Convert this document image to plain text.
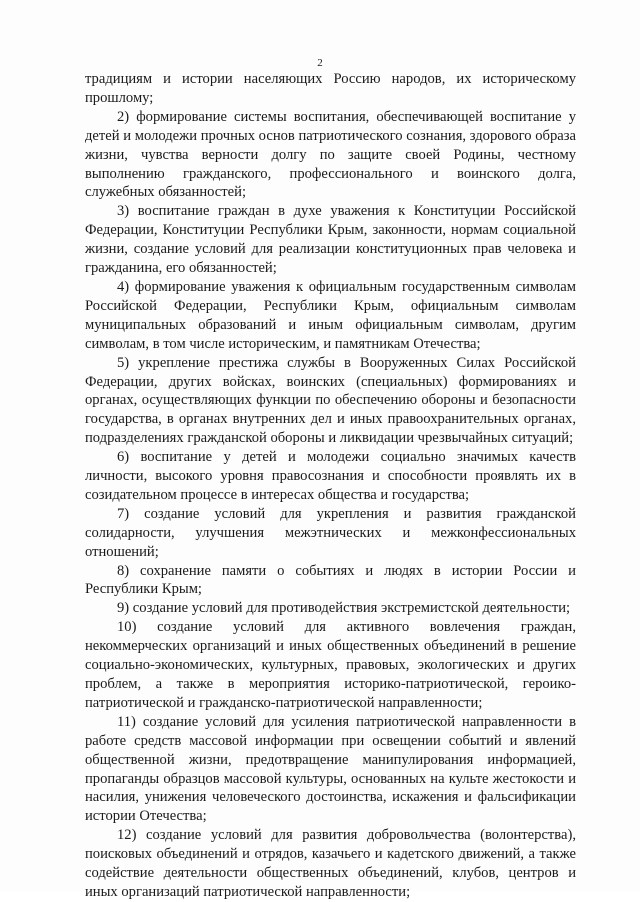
2

традициям и истории населяющих Россию народов, их историческому прошлому;

2) формирование системы воспитания, обеспечивающей воспитание у детей и молодежи прочных основ патриотического сознания, здорового образа жизни, чувства верности долгу по защите своей Родины, честному выполнению гражданского, профессионального и воинского долга, служебных обязанностей;

3) воспитание граждан в духе уважения к Конституции Российской Федерации, Конституции Республики Крым, законности, нормам социальной жизни, создание условий для реализации конституционных прав человека и гражданина, его обязанностей;

4) формирование уважения к официальным государственным символам Российской Федерации, Республики Крым, официальным символам муниципальных образований и иным официальным символам, другим символам, в том числе историческим, и памятникам Отечества;

5) укрепление престижа службы в Вооруженных Силах Российской Федерации, других войсках, воинских (специальных) формированиях и органах, осуществляющих функции по обеспечению обороны и безопасности государства, в органах внутренних дел и иных правоохранительных органах, подразделениях гражданской обороны и ликвидации чрезвычайных ситуаций;

6) воспитание у детей и молодежи социально значимых качеств личности, высокого уровня правосознания и способности проявлять их в созидательном процессе в интересах общества и государства;

7) создание условий для укрепления и развития гражданской солидарности, улучшения межэтнических и межконфессиональных отношений;

8) сохранение памяти о событиях и людях в истории России и Республики Крым;

9) создание условий для противодействия экстремистской деятельности;

10) создание условий для активного вовлечения граждан, некоммерческих организаций и иных общественных объединений в решение социально-экономических, культурных, правовых, экологических и других проблем, а также в мероприятия историко-патриотической, героико-патриотической и гражданско-патриотической направленности;

11) создание условий для усиления патриотической направленности в работе средств массовой информации при освещении событий и явлений общественной жизни, предотвращение манипулирования информацией, пропаганды образцов массовой культуры, основанных на культе жестокости и насилия, унижения человеческого достоинства, искажения и фальсификации истории Отечества;

12) создание условий для развития добровольчества (волонтерства), поисковых объединений и отрядов, казачьего и кадетского движений, а также содействие деятельности общественных объединений, клубов, центров и иных организаций патриотической направленности;
